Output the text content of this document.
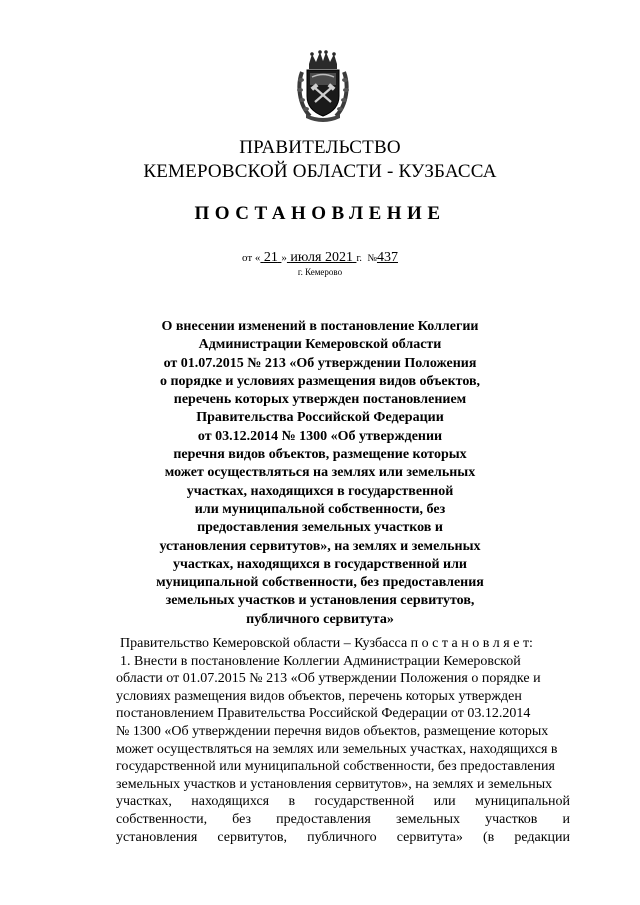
ПРАВИТЕЛЬСТВО
КЕМЕРОВСКОЙ ОБЛАСТИ - КУЗБАССА
ПОСТАНОВЛЕНИЕ
от « 21 » июля 2021 г. №437
г. Кемерово
О внесении изменений в постановление Коллегии
Администрации Кемеровской области
от 01.07.2015 № 213 «Об утверждении Положения
о порядке и условиях размещения видов объектов,
перечень которых утвержден постановлением
Правительства Российской Федерации
от 03.12.2014 № 1300 «Об утверждении
перечня видов объектов, размещение которых
может осуществляться на землях или земельных
участках, находящихся в государственной
или муниципальной собственности, без
предоставления земельных участков и
установления сервитутов», на землях и земельных
участках, находящихся в государственной или
муниципальной собственности, без предоставления
земельных участков и установления сервитутов,
публичного сервитута»
Правительство Кемеровской области – Кузбасса п о с т а н о в л я е т:
1. Внести в постановление Коллегии Администрации Кемеровской
области от 01.07.2015 № 213 «Об утверждении Положения о порядке и
условиях размещения видов объектов, перечень которых утвержден
постановлением Правительства Российской Федерации от 03.12.2014
№ 1300 «Об утверждении перечня видов объектов, размещение которых
может осуществляться на землях или земельных участках, находящихся в
государственной или муниципальной собственности, без предоставления
земельных участков и установления сервитутов», на землях и земельных
участках, находящихся в государственной или муниципальной
собственности, без предоставления земельных участков и
установления сервитутов, публичного сервитута» (в редакции
